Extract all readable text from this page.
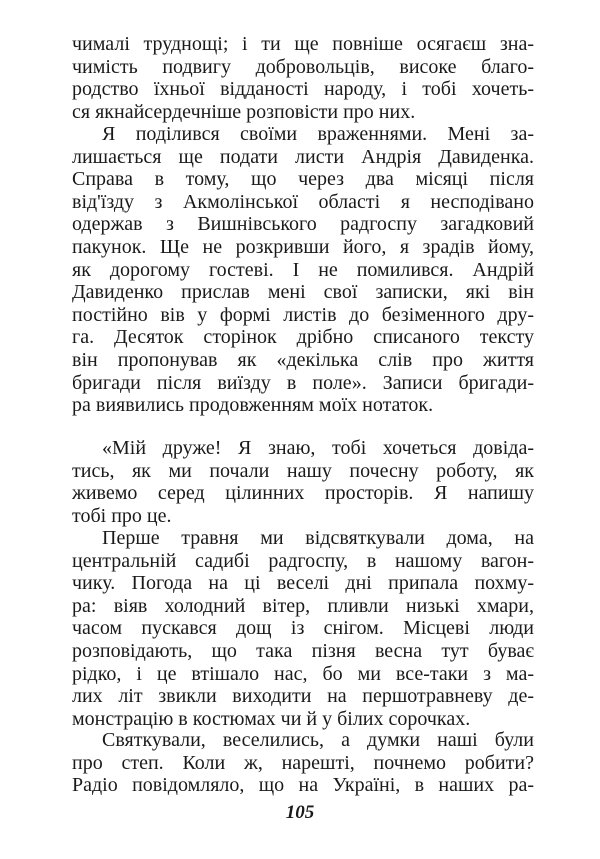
чималі труднощі; і ти ще повніше осягаєш зна-
чимість подвигу добровольців, високе благо-
родство їхньої відданості народу, і тобі хочеть-
ся якнайсердечніше розповісти про них.
Я поділився своїми враженнями. Мені за-
лишається ще подати листи Андрія Давиденка.
Справа в тому, що через два місяці після
від'їзду з Акмолінської області я несподівано
одержав з Вишнівського радгоспу загадковий
пакунок. Ще не розкривши його, я зрадів йому,
як дорогому гостеві. І не помилився. Андрій
Давиденко прислав мені свої записки, які він
постійно вів у формі листів до безіменного дру-
га. Десяток сторінок дрібно списаного тексту
він пропонував як «декілька слів про життя
бригади після виїзду в поле». Записи бригади-
ра виявились продовженням моїх нотаток.
«Мій друже! Я знаю, тобі хочеться довіда-
тись, як ми почали нашу почесну роботу, як
живемо серед цілинних просторів. Я напишу
тобі про це.
Перше травня ми відсвяткували дома, на
центральній садибі радгоспу, в нашому вагон-
чику. Погода на ці веселі дні припала похму-
ра: віяв холодний вітер, пливли низькі хмари,
часом пускався дощ із снігом. Місцеві люди
розповідають, що така пізня весна тут буває
рідко, і це втішало нас, бо ми все-таки з ма-
лих літ звикли виходити на першотравневу де-
монстрацію в костюмах чи й у білих сорочках.
Святкували, веселились, а думки наші були
про степ. Коли ж, нарешті, почнемо робити?
Радіо повідомляло, що на Україні, в наших ра-
105
